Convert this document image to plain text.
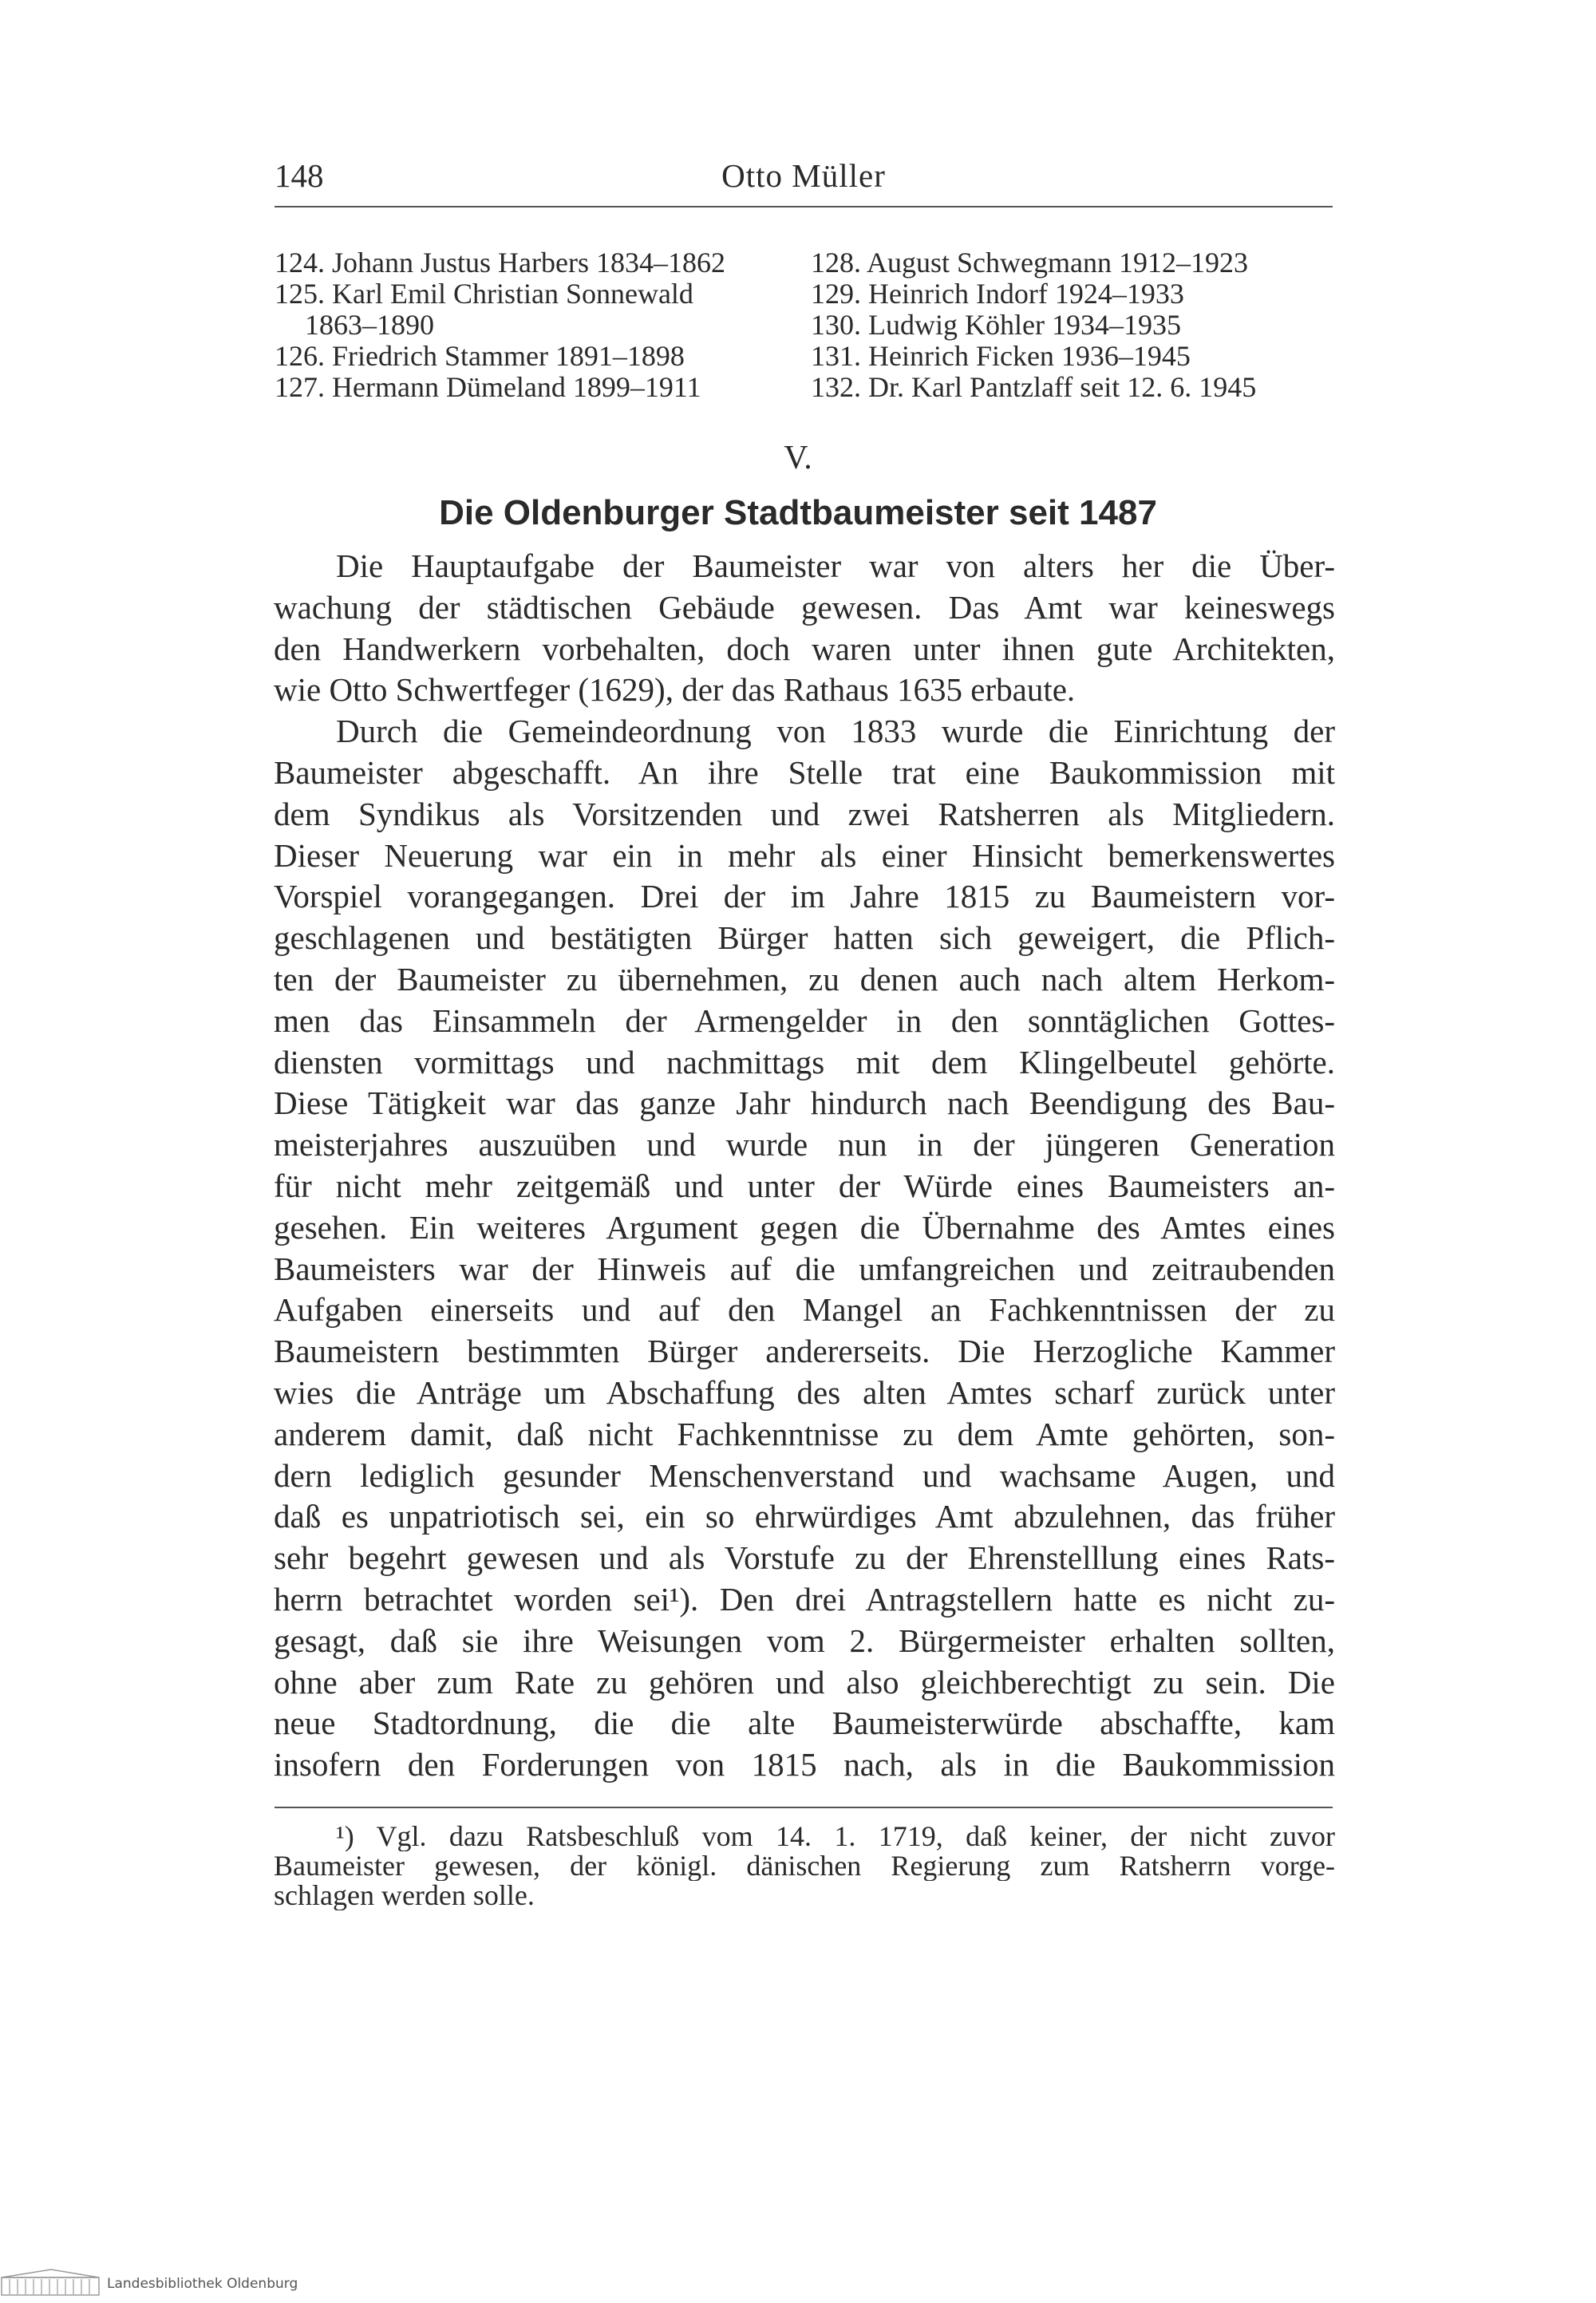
148	Otto Müller
124. Johann Justus Harbers 1834–1862
125. Karl Emil Christian Sonnewald
1863–1890
126. Friedrich Stammer 1891–1898
127. Hermann Dümeland 1899–1911
128. August Schwegmann 1912–1923
129. Heinrich Indorf 1924–1933
130. Ludwig Köhler 1934–1935
131. Heinrich Ficken 1936–1945
132. Dr. Karl Pantzlaff seit 12. 6. 1945
V.
Die Oldenburger Stadtbaumeister seit 1487
Die Hauptaufgabe der Baumeister war von alters her die Über-
wachung der städtischen Gebäude gewesen. Das Amt war keineswegs
den Handwerkern vorbehalten, doch waren unter ihnen gute Architekten,
wie Otto Schwertfeger (1629), der das Rathaus 1635 erbaute.
Durch die Gemeindeordnung von 1833 wurde die Einrichtung der
Baumeister abgeschafft. An ihre Stelle trat eine Baukommission mit
dem Syndikus als Vorsitzenden und zwei Ratsherren als Mitgliedern.
Dieser Neuerung war ein in mehr als einer Hinsicht bemerkenswertes
Vorspiel vorangegangen. Drei der im Jahre 1815 zu Baumeistern vor-
geschlagenen und bestätigten Bürger hatten sich geweigert, die Pflich-
ten der Baumeister zu übernehmen, zu denen auch nach altem Herkom-
men das Einsammeln der Armengelder in den sonntäglichen Gottes-
diensten vormittags und nachmittags mit dem Klingelbeutel gehörte.
Diese Tätigkeit war das ganze Jahr hindurch nach Beendigung des Bau-
meisterjahres auszuüben und wurde nun in der jüngeren Generation
für nicht mehr zeitgemäß und unter der Würde eines Baumeisters an-
gesehen. Ein weiteres Argument gegen die Übernahme des Amtes eines
Baumeisters war der Hinweis auf die umfangreichen und zeitraubenden
Aufgaben einerseits und auf den Mangel an Fachkenntnissen der zu
Baumeistern bestimmten Bürger andererseits. Die Herzogliche Kammer
wies die Anträge um Abschaffung des alten Amtes scharf zurück unter
anderem damit, daß nicht Fachkenntnisse zu dem Amte gehörten, son-
dern lediglich gesunder Menschenverstand und wachsame Augen, und
daß es unpatriotisch sei, ein so ehrwürdiges Amt abzulehnen, das früher
sehr begehrt gewesen und als Vorstufe zu der Ehrenstelllung eines Rats-
herrn betrachtet worden sei¹). Den drei Antragstellern hatte es nicht zu-
gesagt, daß sie ihre Weisungen vom 2. Bürgermeister erhalten sollten,
ohne aber zum Rate zu gehören und also gleichberechtigt zu sein. Die
neue Stadtordnung, die die alte Baumeisterwürde abschaffte, kam
insofern den Forderungen von 1815 nach, als in die Baukommission
¹) Vgl. dazu Ratsbeschluß vom 14. 1. 1719, daß keiner, der nicht zuvor
Baumeister gewesen, der königl. dänischen Regierung zum Ratsherrn vorge-
schlagen werden solle.
Landesbibliothek Oldenburg
